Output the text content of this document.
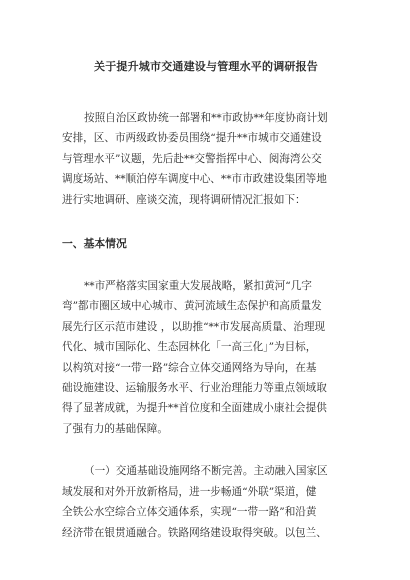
关于提升城市交通建设与管理水平的调研报告

按照自治区政协统一部署和**市政协**年度协商计划
安排，区、市两级政协委员围绕“提升**市城市交通建设
与管理水平”议题，先后赴**交警指挥中心、阅海湾公交
调度场站、**顺泊停车调度中心、**市市政建设集团等地
进行实地调研、座谈交流，现将调研情况汇报如下：

一、基本情况

**市严格落实国家重大发展战略，紧扣黄河“几字
弯”都市圈区域中心城市、黄河流域生态保护和高质量发
展先行区示范市建设 ，以助推“**市发展高质量、治理现
代化、城市国际化、生态园林化「一高三化」”为目标，
以构筑对接“一带一路”综合立体交通网络为导向，在基
础设施建设、运输服务水平、行业治理能力等重点领域取
得了显著成就，为提升**首位度和全面建成小康社会提供
了强有力的基础保障。

（一）交通基础设施网络不断完善。主动融入国家区
域发展和对外开放新格局，进一步畅通“外联”渠道，健
全铁公水空综合立体交通体系，实现“一带一路”和沿黄
经济带在银贯通融合。铁路网络建设取得突破。以包兰、
